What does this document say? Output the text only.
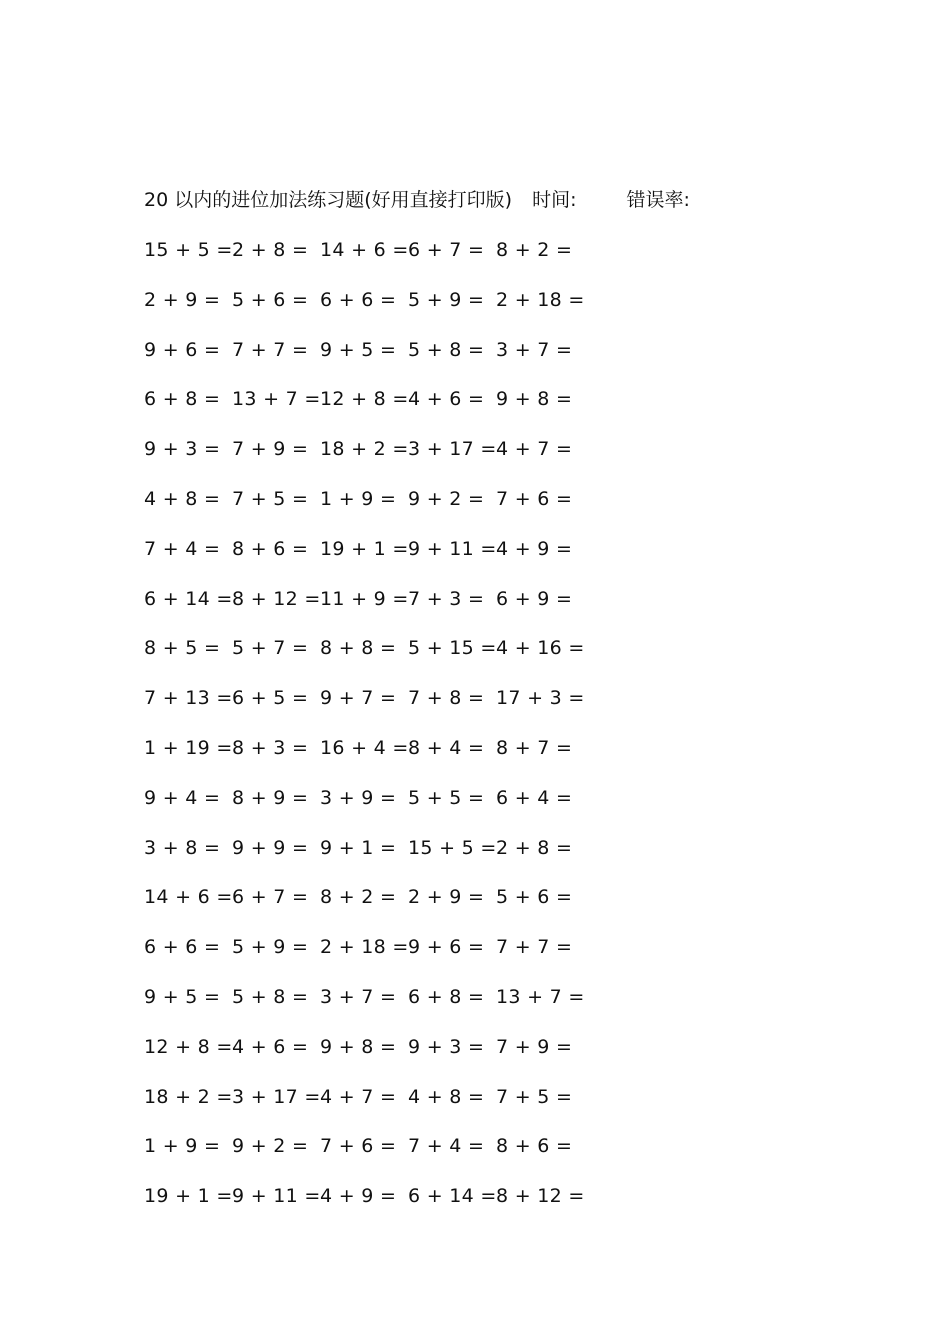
20 以内的进位加法练习题(好用直接打印版) 时间:	错误率:
15 + 5 = 2 + 8 = 14 + 6 = 6 + 7 = 8 + 2 =
2 + 9 = 5 + 6 = 6 + 6 = 5 + 9 = 2 + 18 =
9 + 6 = 7 + 7 = 9 + 5 = 5 + 8 = 3 + 7 =
6 + 8 = 13 + 7 = 12 + 8 = 4 + 6 = 9 + 8 =
9 + 3 = 7 + 9 = 18 + 2 = 3 + 17 = 4 + 7 =
4 + 8 = 7 + 5 = 1 + 9 = 9 + 2 = 7 + 6 =
7 + 4 = 8 + 6 = 19 + 1 = 9 + 11 = 4 + 9 =
6 + 14 = 8 + 12 = 11 + 9 = 7 + 3 = 6 + 9 =
8 + 5 = 5 + 7 = 8 + 8 = 5 + 15 = 4 + 16 =
7 + 13 = 6 + 5 = 9 + 7 = 7 + 8 = 17 + 3 =
1 + 19 = 8 + 3 = 16 + 4 = 8 + 4 = 8 + 7 =
9 + 4 = 8 + 9 = 3 + 9 = 5 + 5 = 6 + 4 =
3 + 8 = 9 + 9 = 9 + 1 = 15 + 5 = 2 + 8 =
14 + 6 = 6 + 7 = 8 + 2 = 2 + 9 = 5 + 6 =
6 + 6 = 5 + 9 = 2 + 18 = 9 + 6 = 7 + 7 =
9 + 5 = 5 + 8 = 3 + 7 = 6 + 8 = 13 + 7 =
12 + 8 = 4 + 6 = 9 + 8 = 9 + 3 = 7 + 9 =
18 + 2 = 3 + 17 = 4 + 7 = 4 + 8 = 7 + 5 =
1 + 9 = 9 + 2 = 7 + 6 = 7 + 4 = 8 + 6 =
19 + 1 = 9 + 11 = 4 + 9 = 6 + 14 = 8 + 12 =
